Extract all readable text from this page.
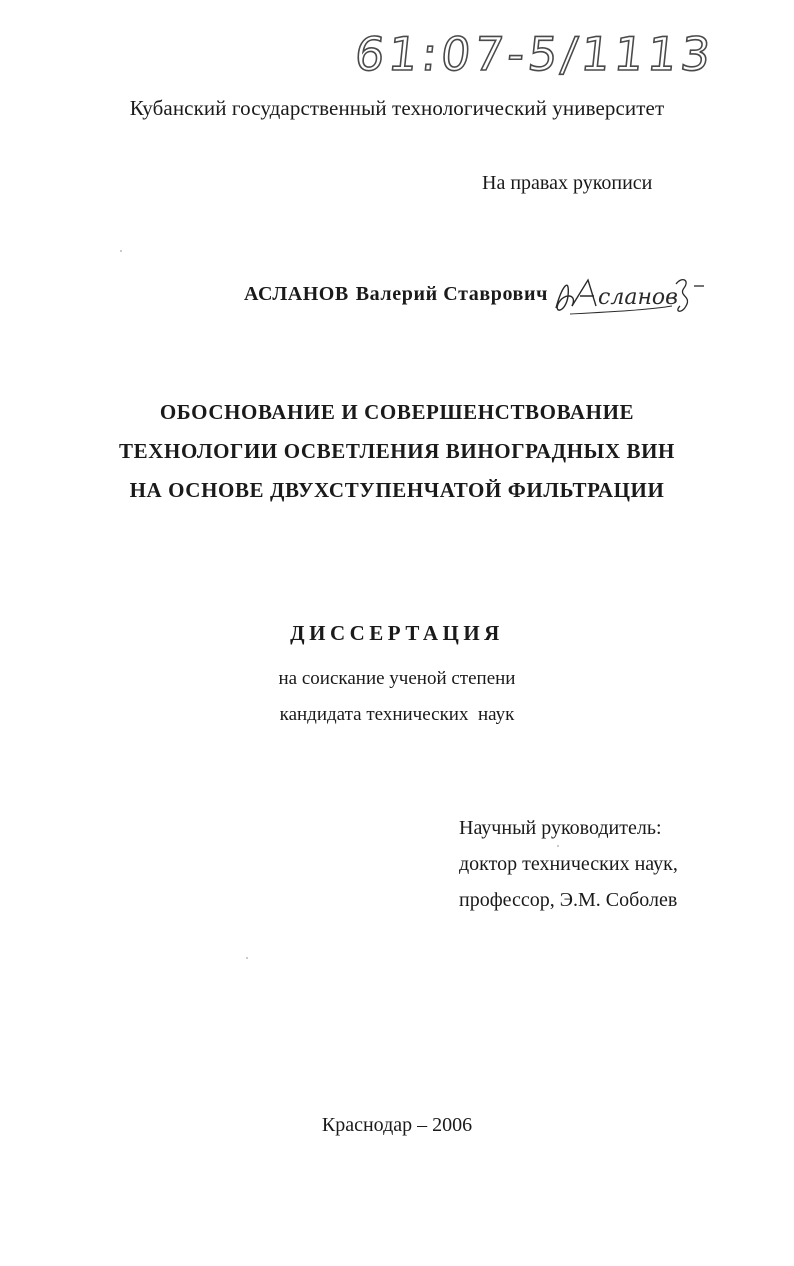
61:07-5/1113
Кубанский государственный технологический университет
На правах рукописи
АСЛАНОВ Валерий Ставрович сланов
ОБОСНОВАНИЕ И СОВЕРШЕНСТВОВАНИЕ
ТЕХНОЛОГИИ ОСВЕТЛЕНИЯ ВИНОГРАДНЫХ ВИН
НА ОСНОВЕ ДВУХСТУПЕНЧАТОЙ ФИЛЬТРАЦИИ
ДИССЕРТАЦИЯ
на соискание ученой степени
кандидата технических  наук
Научный руководитель:
доктор технических наук,
профессор, Э.М. Соболев
Краснодар – 2006
